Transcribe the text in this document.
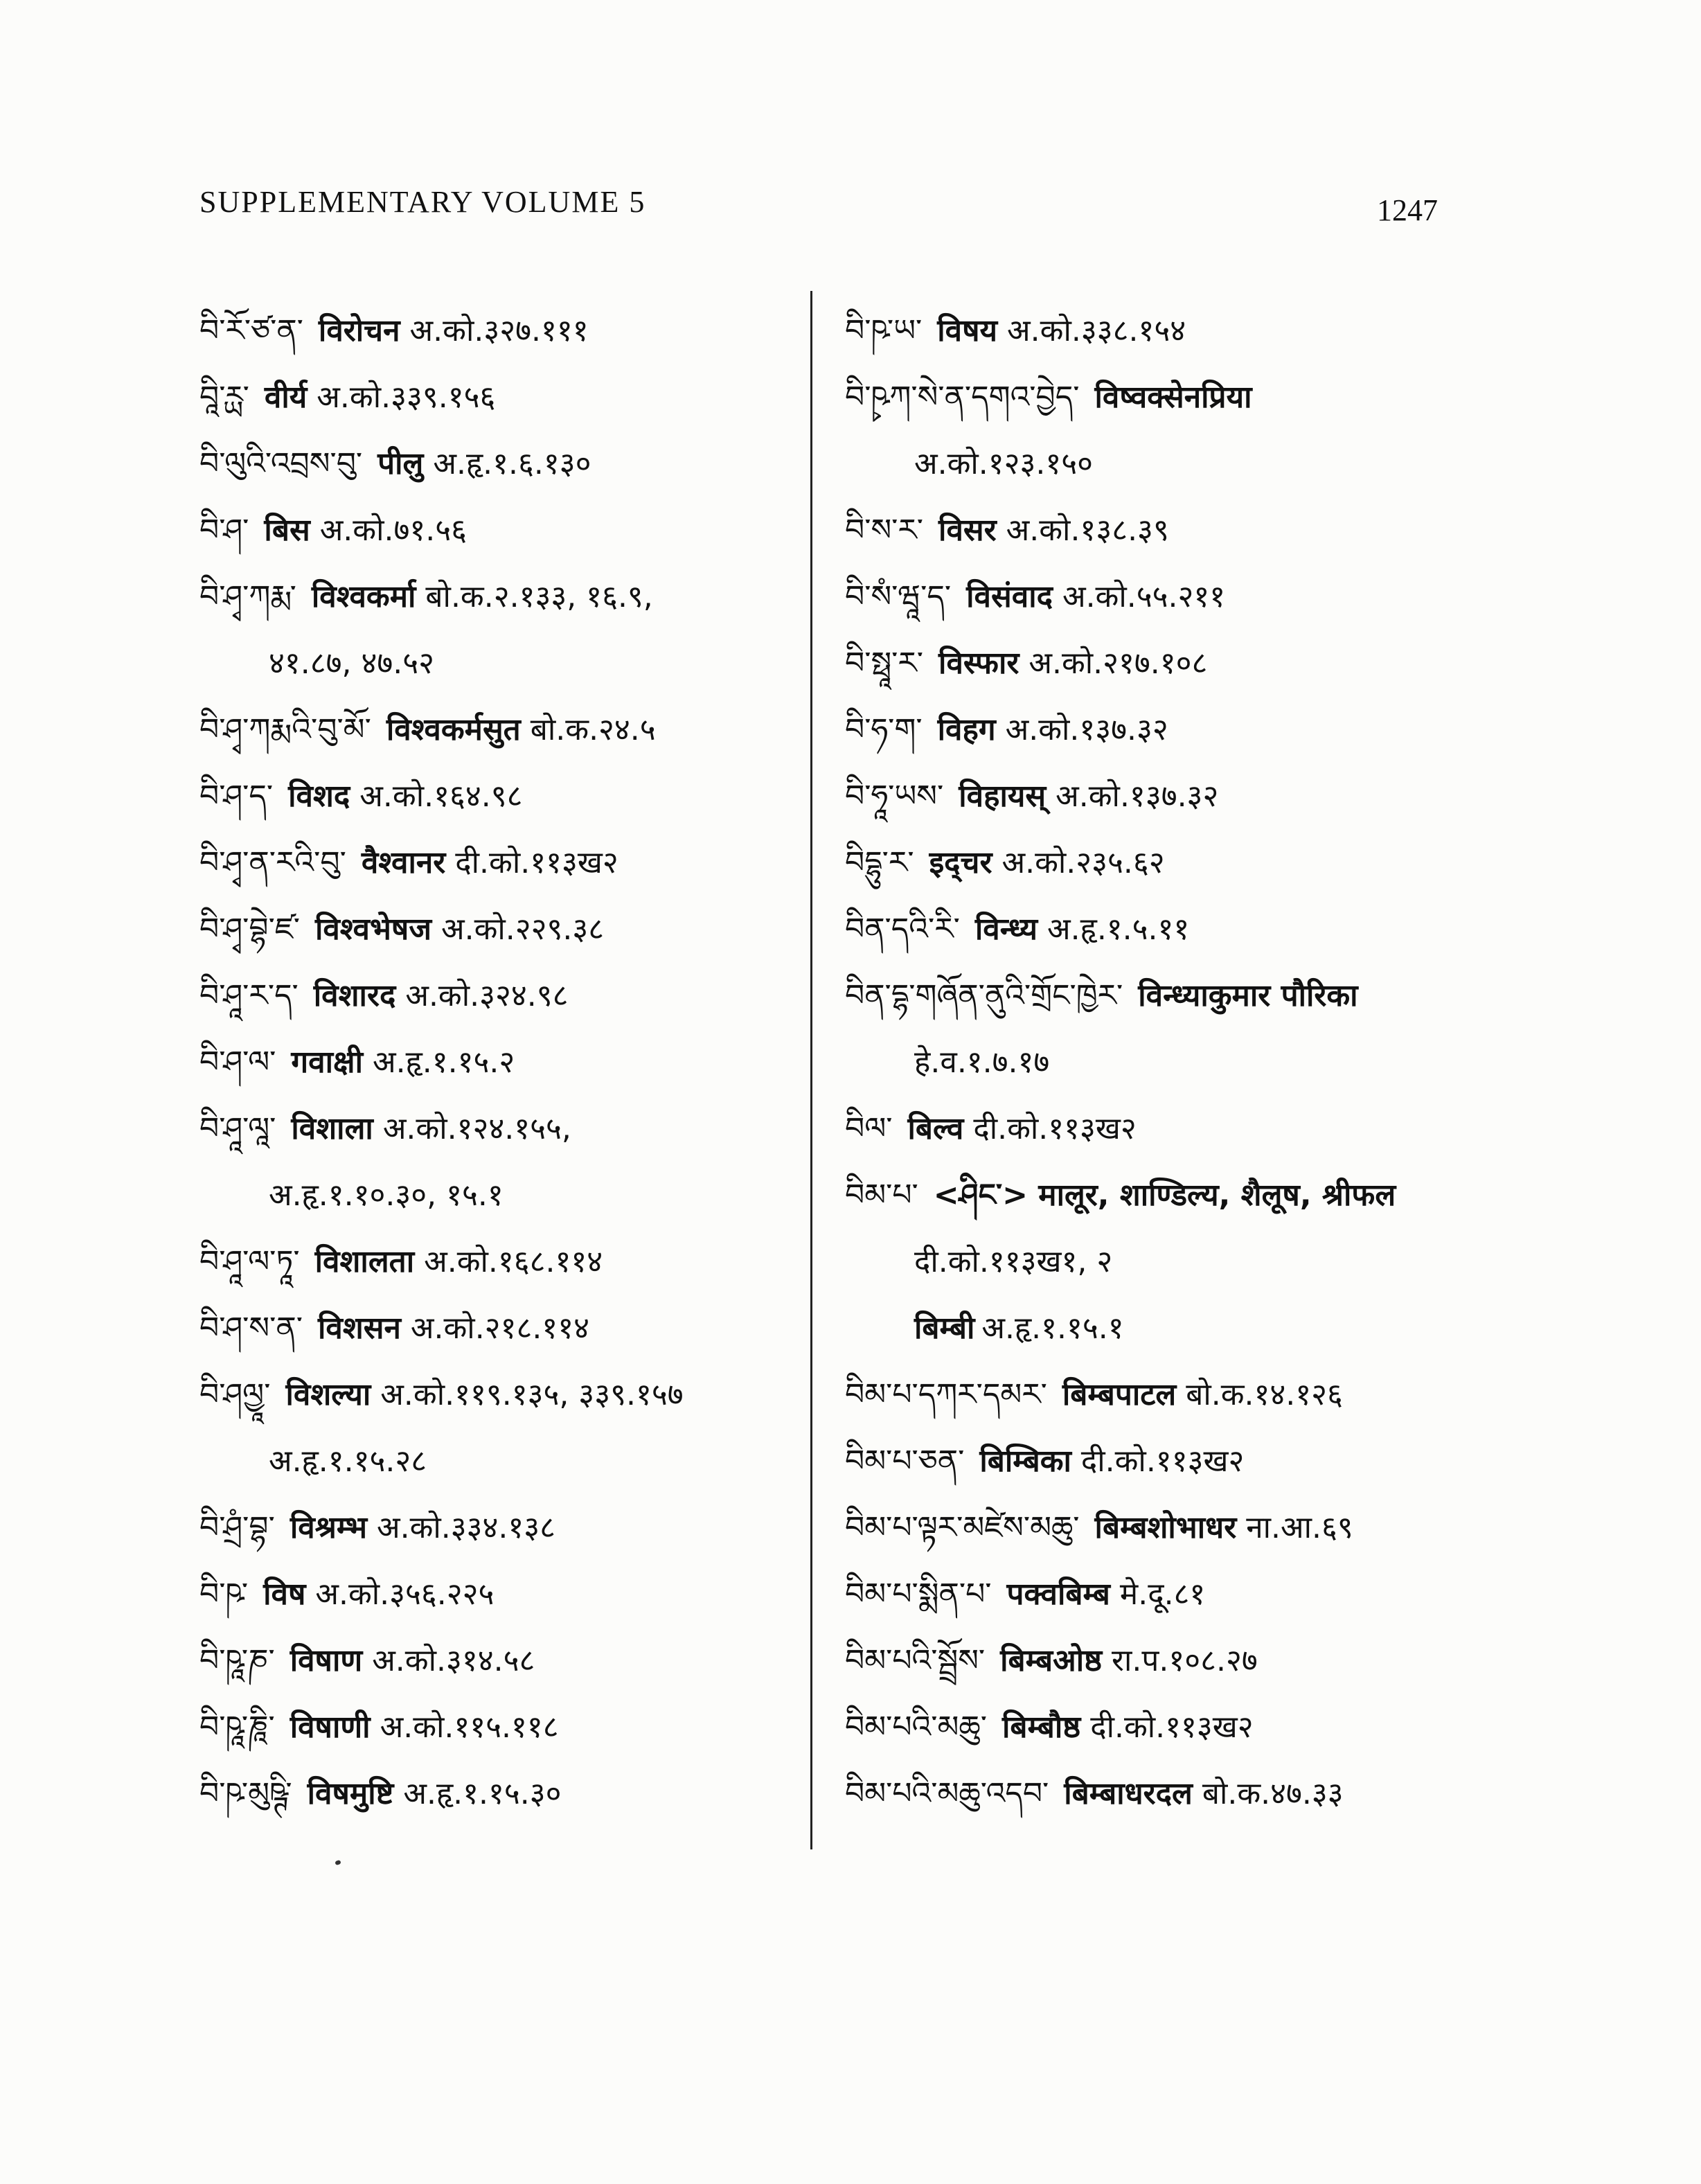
SUPPLEMENTARY VOLUME 5	1247
བི་རོ་ཙ་ན་ विरोचन अ.को.३२७.१११
བཱི་ཪྻ་ वीर्य अ.को.३३९.१५६
བི་ལུའི་འབྲས་བུ་ पीलु अ.हृ.१.६.१३०
བི་ཤ་ बिस अ.को.७१.५६
བི་ཤྭ་ཀརྨ་ विश्वकर्मा बो.क.२.१३३, १६.९,
४१.८७, ४७.५२
བི་ཤྭ་ཀརྨའི་བུ་མོ་ विश्वकर्मसुत बो.क.२४.५
བི་ཤ་ད་ विशद अ.को.१६४.९८
བི་ཤྭ་ན་རའི་བུ་ वैश्वानर दी.को.११३ख२
བི་ཤྭ་བྷེ་ཛ་ विश्वभेषज अ.को.२२९.३८
བི་ཤཱ་ར་ད་ विशारद अ.को.३२४.९८
བི་ཤ་ལ་ गवाक्षी अ.हृ.१.१५.२
བི་ཤཱ་ལཱ་ विशाला अ.को.१२४.१५५,
अ.हृ.१.१०.३०, १५.१
བི་ཤཱ་ལ་ཏཱ་ विशालता अ.को.१६८.११४
བི་ཤ་ས་ན་ विशसन अ.को.२१८.११४
བི་ཤལྱཱ་ विशल्या अ.को.११९.१३५, ३३९.१५७
अ.हृ.१.१५.२८
བི་ཤྲཾ་བྷ་ विश्रम्भ अ.को.३३४.१३८
བི་ཥ་ विष अ.को.३५६.२२५
བི་ཥཱ་ཎ་ विषाण अ.को.३१४.५८
བི་ཥཱ་ཎཱི་ विषाणी अ.को.११५.११८
བི་ཥ་མུཥྚི་ विषमुष्टि अ.हृ.१.१५.३०
བི་ཥ་ཡ་ विषय अ.को.३३८.१५४
བི་ཥྭཀ་སེ་ན་དགའ་བྱེད་ विष्वक्सेनप्रिया
अ.को.१२३.१५०
བི་ས་ར་ विसर अ.को.१३८.३९
བི་སཾ་ཝཱ་ད་ विसंवाद अ.को.५५.२११
བི་སྥཱ་ར་ विस्फार अ.को.२१७.१०८
བི་ཧ་ག་ विहग अ.को.१३७.३२
བི་ཧཱ་ཡས་ विहायस् अ.को.१३७.३२
བིདྷུ་ར་ इद्चर अ.को.२३५.६२
བིན་དའི་རི་ विन्ध्य अ.हृ.१.५.११
བིན་དྷ་གཞོན་ནུའི་གྲོང་ཁྱེར་ विन्ध्याकुमार पौरिका
हे.व.१.७.१७
བིལ་ बिल्व दी.को.११३ख२
བིམ་པ་ <ཤིང་> मालूर, शाण्डिल्य, शैलूष, श्रीफल
दी.को.११३ख१, २
बिम्बी अ.हृ.१.१५.१
བིམ་པ་དཀར་དམར་ बिम्बपाटल बो.क.१४.१२६
བིམ་པ་ཅན་ बिम्बिका दी.को.११३ख२
བིམ་པ་ལྟར་མཛེས་མཆུ་ बिम्बशोभाधर ना.आ.६९
བིམ་པ་སྨིན་པ་ पक्वबिम्ब मे.दू.८१
བིམ་པའི་སྦྲོས་ बिम्बओष्ठ रा.प.१०८.२७
བིམ་པའི་མཆུ་ बिम्बौष्ठ दी.को.११३ख२
བིམ་པའི་མཆུ་འདབ་ बिम्बाधरदल बो.क.४७.३३
